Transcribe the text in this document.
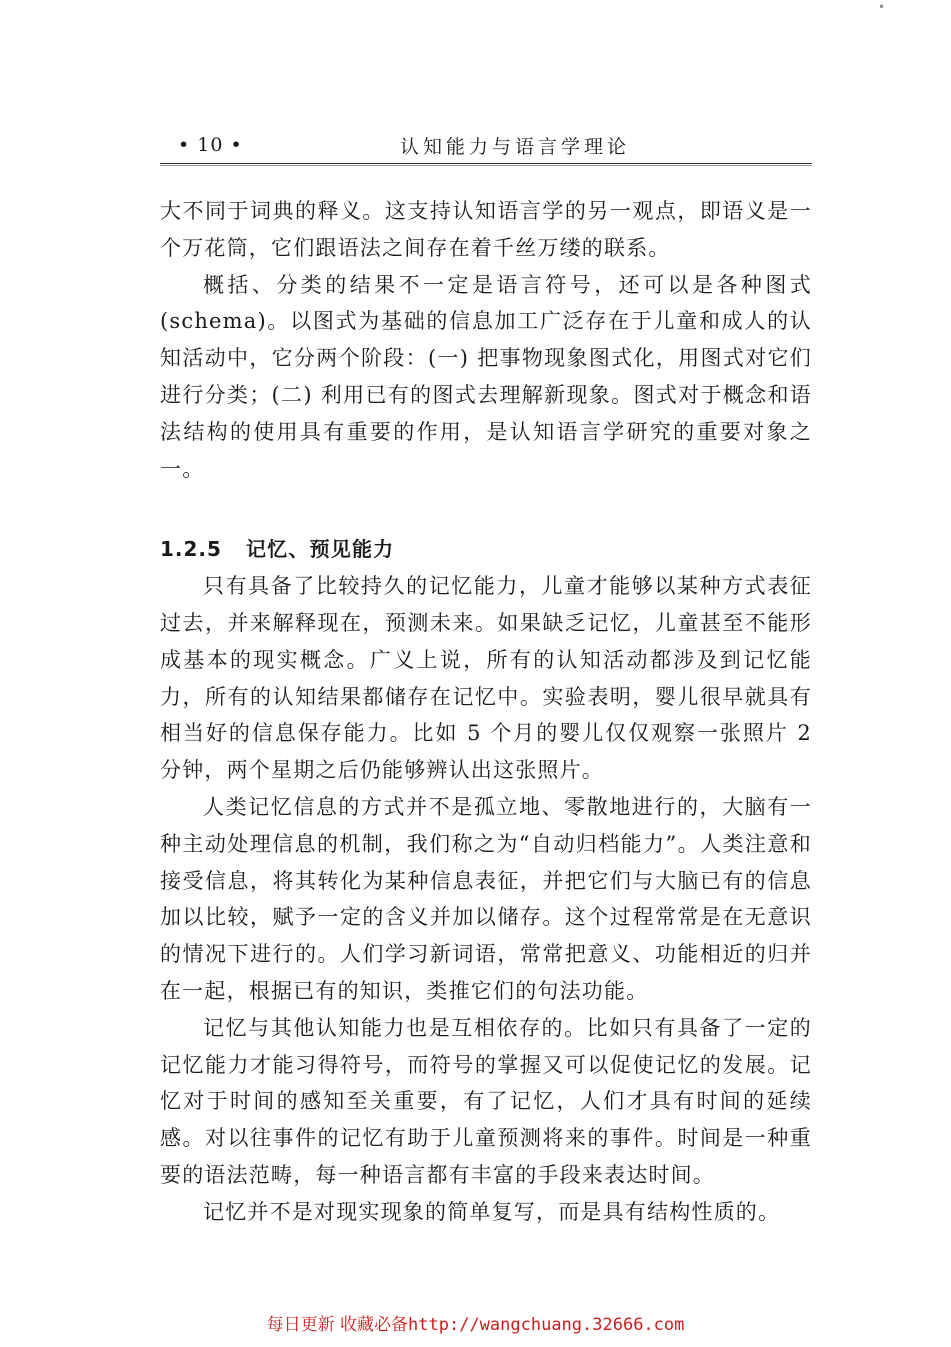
•
• 10 •	认知能力与语言学理论

大不同于词典的释义。这支持认知语言学的另一观点，即语义是一个万花筒，它们跟语法之间存在着千丝万缕的联系。

概括、分类的结果不一定是语言符号，还可以是各种图式(schema)。以图式为基础的信息加工广泛存在于儿童和成人的认知活动中，它分两个阶段：(一) 把事物现象图式化，用图式对它们进行分类；(二) 利用已有的图式去理解新现象。图式对于概念和语法结构的使用具有重要的作用，是认知语言学研究的重要对象之一。

1.2.5 记忆、预见能力

只有具备了比较持久的记忆能力，儿童才能够以某种方式表征过去，并来解释现在，预测未来。如果缺乏记忆，儿童甚至不能形成基本的现实概念。广义上说，所有的认知活动都涉及到记忆能力，所有的认知结果都储存在记忆中。实验表明，婴儿很早就具有相当好的信息保存能力。比如 5 个月的婴儿仅仅观察一张照片 2 分钟，两个星期之后仍能够辨认出这张照片。

人类记忆信息的方式并不是孤立地、零散地进行的，大脑有一种主动处理信息的机制，我们称之为“自动归档能力”。人类注意和接受信息，将其转化为某种信息表征，并把它们与大脑已有的信息加以比较，赋予一定的含义并加以储存。这个过程常常是在无意识的情况下进行的。人们学习新词语，常常把意义、功能相近的归并在一起，根据已有的知识，类推它们的句法功能。

记忆与其他认知能力也是互相依存的。比如只有具备了一定的记忆能力才能习得符号，而符号的掌握又可以促使记忆的发展。记忆对于时间的感知至关重要，有了记忆，人们才具有时间的延续感。对以往事件的记忆有助于儿童预测将来的事件。时间是一种重要的语法范畴，每一种语言都有丰富的手段来表达时间。

记忆并不是对现实现象的简单复写，而是具有结构性质的。

每日更新 收藏必备http://wangchuang.32666.com
